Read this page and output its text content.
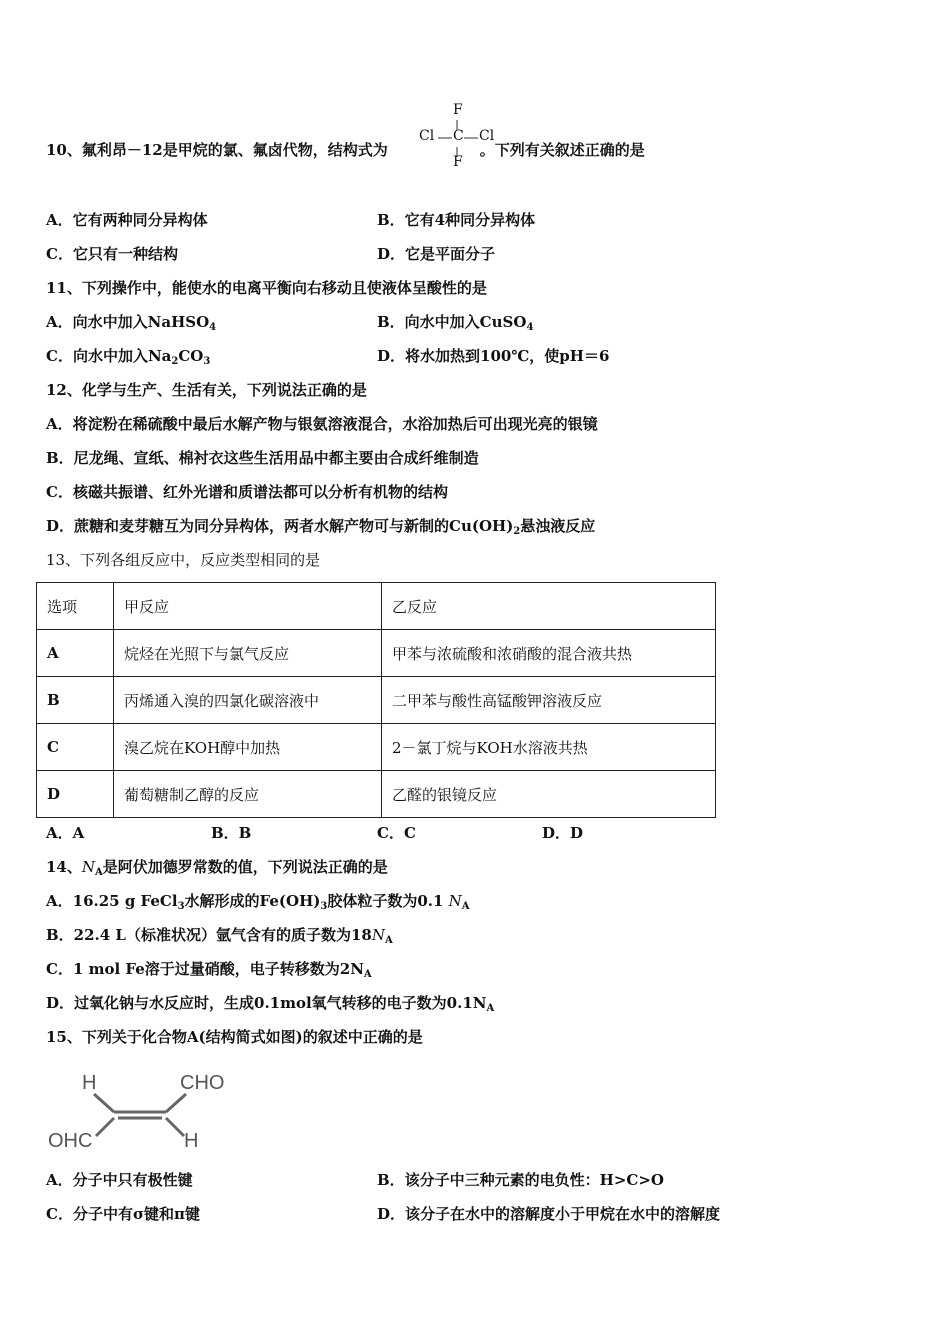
10、氟利昂－12是甲烷的氯、氟卤代物，结构式为	。下列有关叙述正确的是
F
Cl C Cl
F
A．它有两种同分异构体	B．它有4种同分异构体
C．它只有一种结构	D．它是平面分子
11、下列操作中，能使水的电离平衡向右移动且使液体呈酸性的是
A．向水中加入NaHSO$_4$	B．向水中加入CuSO$_4$
C．向水中加入$Na_2CO_3$	D．将水加热到100℃，使pH＝6
12、化学与生产、生活有关，下列说法正确的是
A．将淀粉在稀硫酸中最后水解产物与银氨溶液混合，水浴加热后可出现光亮的银镜
B．尼龙绳、宣纸、棉衬衣这些生活用品中都主要由合成纤维制造
C．核磁共振谱、红外光谱和质谱法都可以分析有机物的结构
D．蔗糖和麦芽糖互为同分异构体，两者水解产物可与新制的$Cu(OH)_2$悬浊液反应
13、下列各组反应中，反应类型相同的是
选项	甲反应	乙反应
A	烷烃在光照下与氯气反应	甲苯与浓硫酸和浓硝酸的混合液共热
B	丙烯通入溴的四氯化碳溶液中	二甲苯与酸性高锰酸钾溶液反应
C	溴乙烷在KOH醇中加热	2－氯丁烷与KOH水溶液共热
D	葡萄糖制乙醇的反应	乙醛的银镜反应
A．A	B．B	C．C	D．D
14、$N_A$是阿伏加德罗常数的值，下列说法正确的是
A．16.25 g FeCl$_3$水解形成的$Fe(OH)_3$胶体粒子数为0.1 $N_A$
B．22.4 L（标准状况）氩气含有的质子数为$18N_A$
C．1 mol Fe溶于过量硝酸，电子转移数为$2N_A$
D．过氧化钠与水反应时，生成0.1mol氧气转移的电子数为$0.1N_A$
15、下列关于化合物A(结构简式如图)的叙述中正确的是
H	CHO
OHC	H
A．分子中只有极性键	B．该分子中三种元素的电负性：H>C>O
C．分子中有σ键和π键	D．该分子在水中的溶解度小于甲烷在水中的溶解度
